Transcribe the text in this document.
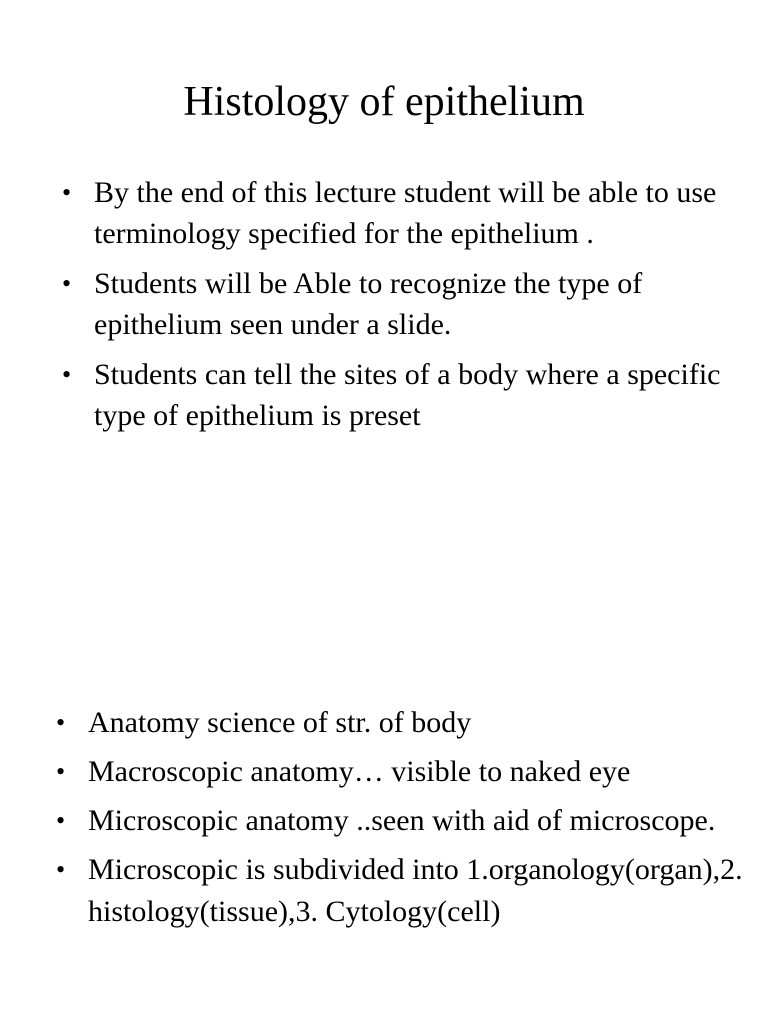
Histology of epithelium
• By the end of this lecture student will be able to use terminology specified for the epithelium .
• Students will be Able to recognize the type of epithelium seen under a slide.
• Students can tell the sites of a body where a specific type of epithelium is preset
• Anatomy science of str. of body
• Macroscopic anatomy… visible to naked eye
• Microscopic anatomy ..seen with aid of microscope.
• Microscopic is subdivided into 1.organology(organ),2. histology(tissue),3. Cytology(cell)
